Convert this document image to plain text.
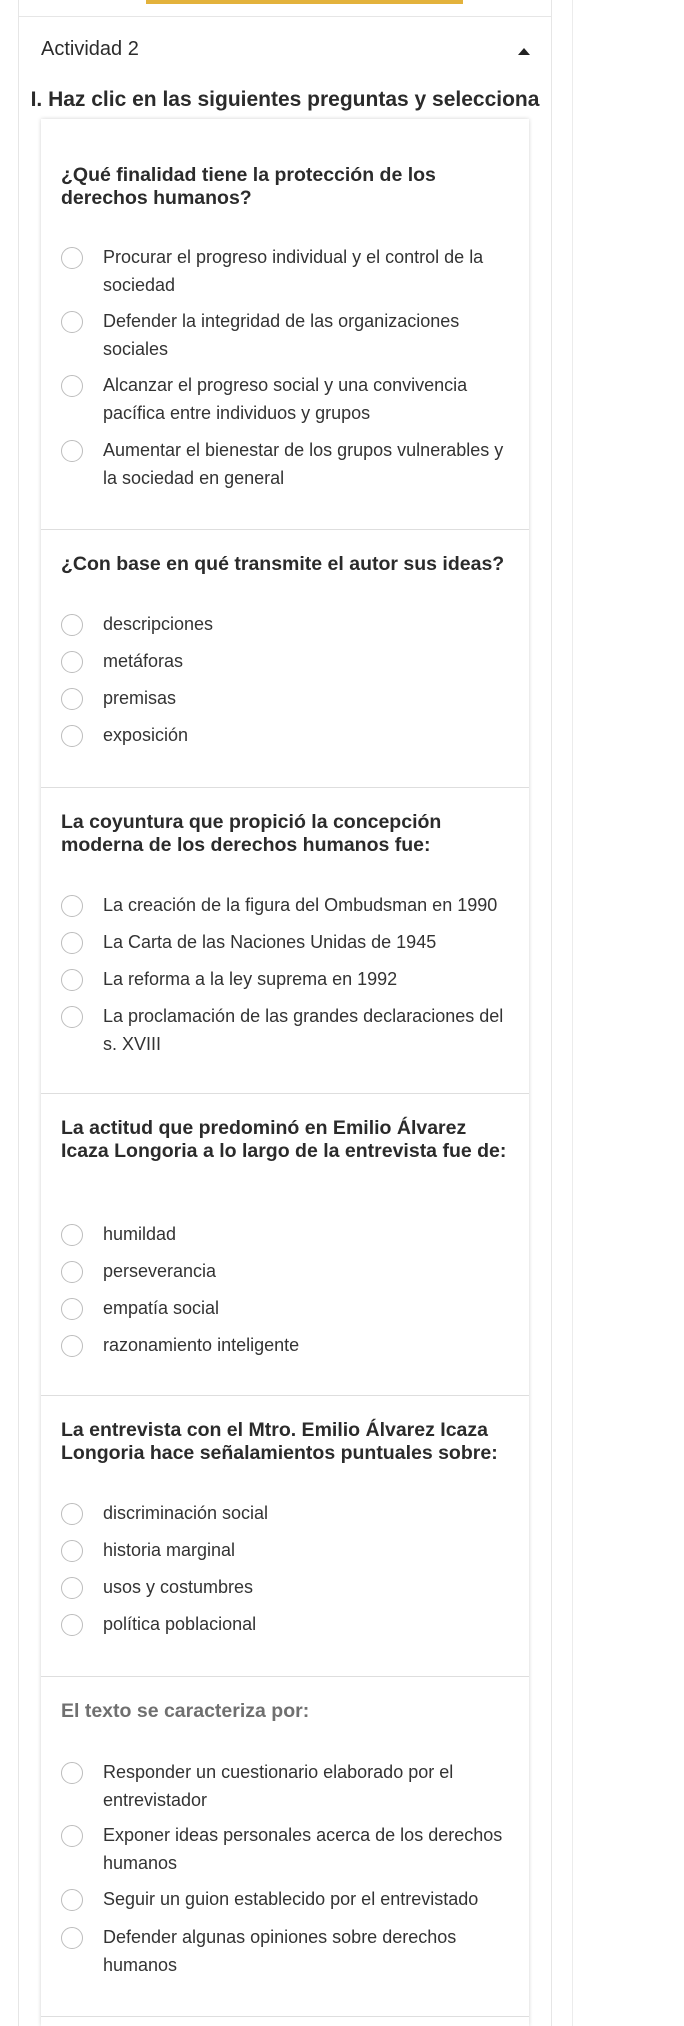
Actividad 2
I. Haz clic en las siguientes preguntas y selecciona
¿Qué finalidad tiene la protección de los derechos humanos?
Procurar el progreso individual y el control de la sociedad
Defender la integridad de las organizaciones sociales
Alcanzar el progreso social y una convivencia pacífica entre individuos y grupos
Aumentar el bienestar de los grupos vulnerables y la sociedad en general
¿Con base en qué transmite el autor sus ideas?
descripciones
metáforas
premisas
exposición
La coyuntura que propició la concepción moderna de los derechos humanos fue:
La creación de la figura del Ombudsman en 1990
La Carta de las Naciones Unidas de 1945
La reforma a la ley suprema en 1992
La proclamación de las grandes declaraciones del s. XVIII
La actitud que predominó en Emilio Álvarez Icaza Longoria a lo largo de la entrevista fue de:
humildad
perseverancia
empatía social
razonamiento inteligente
La entrevista con el Mtro. Emilio Álvarez Icaza Longoria hace señalamientos puntuales sobre:
discriminación social
historia marginal
usos y costumbres
política poblacional
El texto se caracteriza por:
Responder un cuestionario elaborado por el entrevistador
Exponer ideas personales acerca de los derechos humanos
Seguir un guion establecido por el entrevistado
Defender algunas opiniones sobre derechos humanos
